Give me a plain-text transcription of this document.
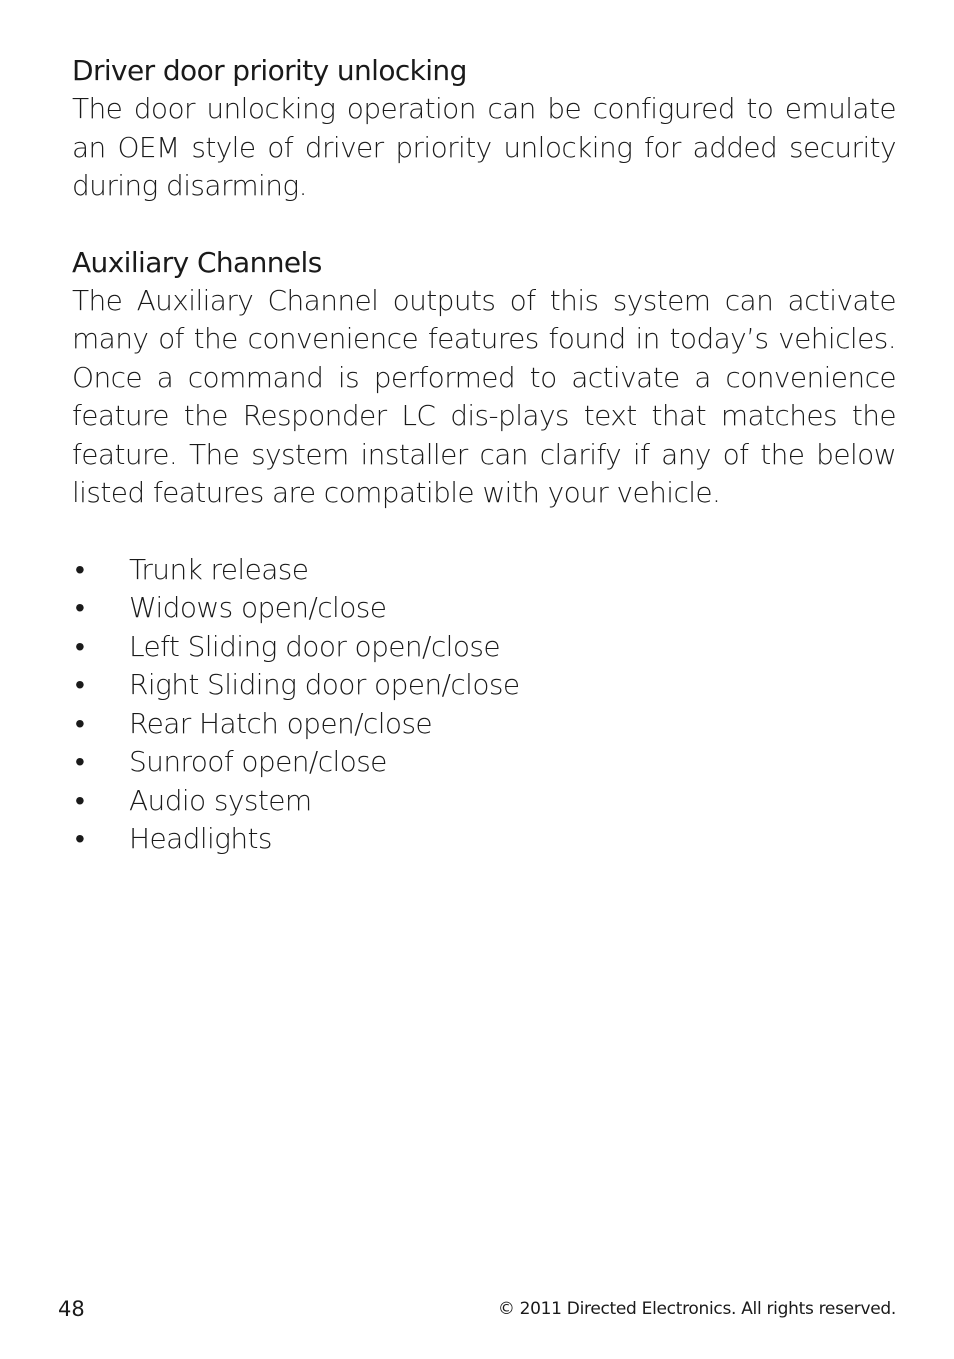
Driver door priority unlocking

The door unlocking operation can be configured to emulate an OEM style of driver priority unlocking for added security during disarming.

Auxiliary Channels

The Auxiliary Channel outputs of this system can activate many of the convenience features found in today’s vehicles. Once a command is performed to activate a convenience feature the Responder LC dis-plays text that matches the feature. The system installer can clarify if any of the below listed features are compatible with your vehicle.

• Trunk release
• Widows open/close
• Left Sliding door open/close
• Right Sliding door open/close
• Rear Hatch open/close
• Sunroof open/close
• Audio system
• Headlights
48	© 2011 Directed Electronics. All rights reserved.
